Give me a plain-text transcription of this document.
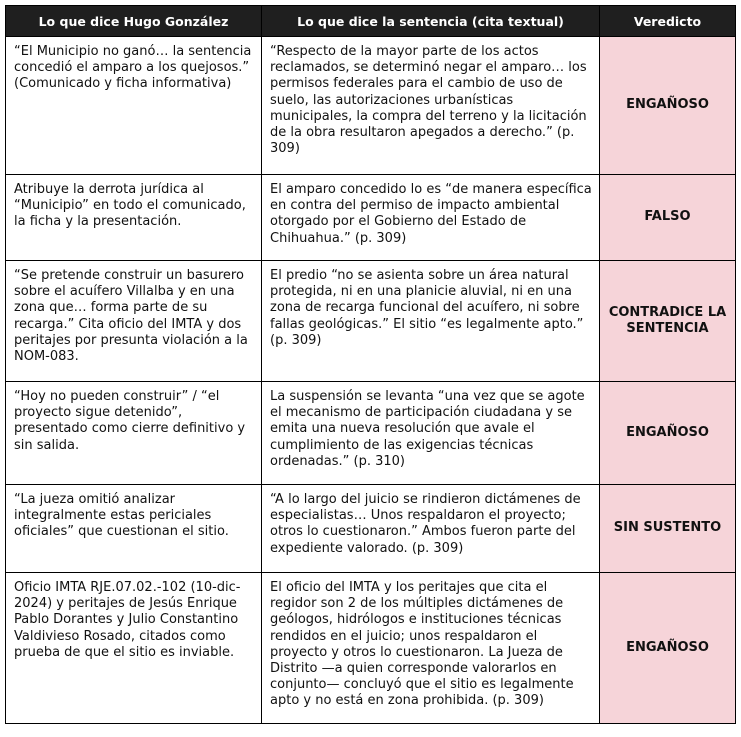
Lo que dice Hugo González	Lo que dice la sentencia (cita textual)	Veredicto
“El Municipio no ganó… la sentencia concedió el amparo a los quejosos.” (Comunicado y ficha informativa)	“Respecto de la mayor parte de los actos reclamados, se determinó negar el amparo… los permisos federales para el cambio de uso de suelo, las autorizaciones urbanísticas municipales, la compra del terreno y la licitación de la obra resultaron apegados a derecho.” (p. 309)	ENGAÑOSO
Atribuye la derrota jurídica al “Municipio” en todo el comunicado, la ficha y la presentación.	El amparo concedido lo es “de manera específica en contra del permiso de impacto ambiental otorgado por el Gobierno del Estado de Chihuahua.” (p. 309)	FALSO
“Se pretende construir un basurero sobre el acuífero Villalba y en una zona que… forma parte de su recarga.” Cita oficio del IMTA y dos peritajes por presunta violación a la NOM-083.	El predio “no se asienta sobre un área natural protegida, ni en una planicie aluvial, ni en una zona de recarga funcional del acuífero, ni sobre fallas geológicas.” El sitio “es legalmente apto.” (p. 309)	CONTRADICE LA SENTENCIA
“Hoy no pueden construir” / “el proyecto sigue detenido”, presentado como cierre definitivo y sin salida.	La suspensión se levanta “una vez que se agote el mecanismo de participación ciudadana y se emita una nueva resolución que avale el cumplimiento de las exigencias técnicas ordenadas.” (p. 310)	ENGAÑOSO
“La jueza omitió analizar integralmente estas periciales oficiales” que cuestionan el sitio.	“A lo largo del juicio se rindieron dictámenes de especialistas… Unos respaldaron el proyecto; otros lo cuestionaron.” Ambos fueron parte del expediente valorado. (p. 309)	SIN SUSTENTO
Oficio IMTA RJE.07.02.-102 (10-dic-2024) y peritajes de Jesús Enrique Pablo Dorantes y Julio Constantino Valdivieso Rosado, citados como prueba de que el sitio es inviable.	El oficio del IMTA y los peritajes que cita el regidor son 2 de los múltiples dictámenes de geólogos, hidrólogos e instituciones técnicas rendidos en el juicio; unos respaldaron el proyecto y otros lo cuestionaron. La Jueza de Distrito —a quien corresponde valorarlos en conjunto— concluyó que el sitio es legalmente apto y no está en zona prohibida. (p. 309)	ENGAÑOSO
